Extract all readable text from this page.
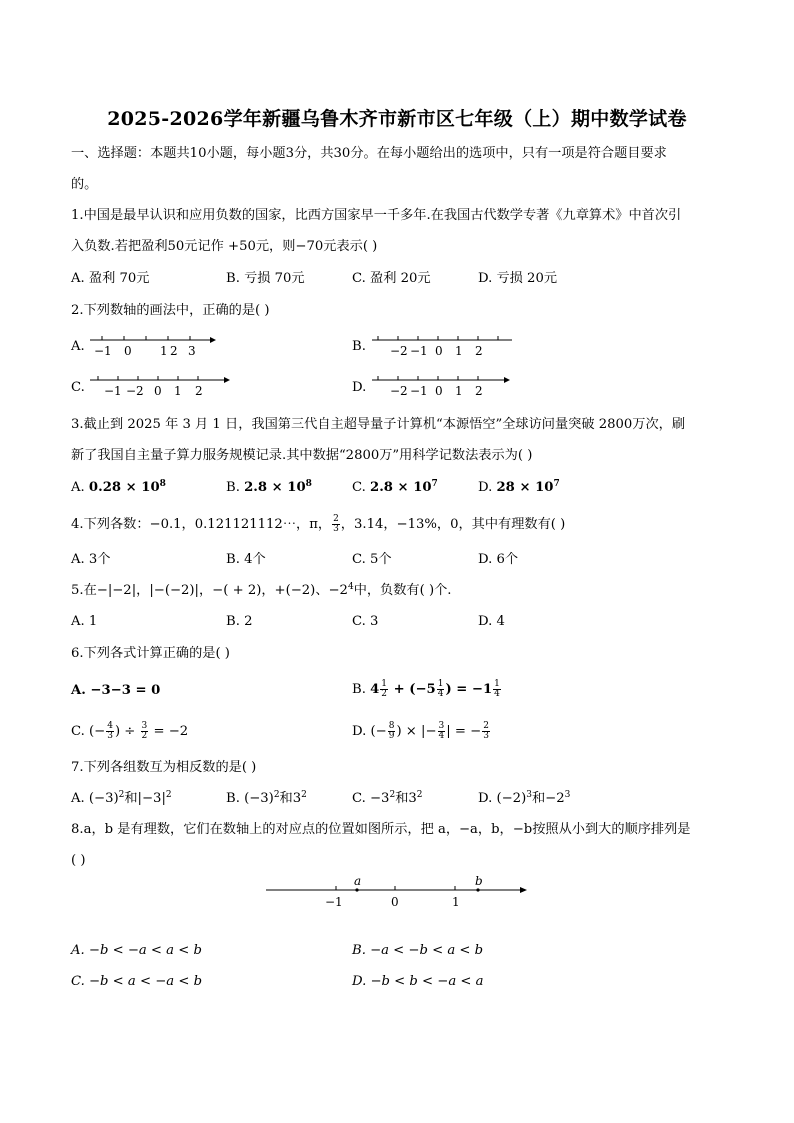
2025-2026学年新疆乌鲁木齐市新市区七年级（上）期中数学试卷
一、选择题：本题共10小题，每小题3分，共30分。在每小题给出的选项中，只有一项是符合题目要求
的。
1.中国是最早认识和应用负数的国家，比西方国家早一千多年.在我国古代数学专著《九章算术》中首次引
入负数.若把盈利50元记作 +50元，则−70元表示( )
A. 盈利 70元	B. 亏损 70元	C. 盈利 20元	D. 亏损 20元
2.下列数轴的画法中，正确的是( )
A. −1 0 1 2 3	B. −2 −1 0 1 2
C. −1 −2 0 1 2	D. −2 −1 0 1 2
3.截止到 2025 年 3 月 1 日，我国第三代自主超导量子计算机“本源悟空”全球访问量突破 2800万次，刷
新了我国自主量子算力服务规模记录.其中数据“2800万”用科学记数法表示为( )
A. $0.28 \times 10^8$	B. $2.8 \times 10^8$	C. $2.8 \times 10^7$	D. $28 \times 10^7$
4.下列各数：−0.1，0.121121112⋯，π， $\frac{2}{3}$ ，3.14，−13%，0，其中有理数有( )
A. 3个	B. 4个	C. 5个	D. 6个
5.在−|−2|，|−(−2)|，−( + 2)，+(−2)、$-2^4$中，负数有( )个.
A. 1	B. 2	C. 3	D. 4
6.下列各式计算正确的是( )
A. −3−3 = 0	B. $4 \frac{1}{2} + (-5 \frac{1}{4}$ ) = $-1 \frac{1}{4}$
C. (− $\frac{4}{3}$ ) ÷ $\frac{3}{2} = -2$	D. (− $\frac{8}{9}$ ) × |− $\frac{3}{4}$ | = − $\frac{2}{3}$
7.下列各组数互为相反数的是( )
A. $(-3)^2$和$|-3|^2$	B. $(-3)^2$和$3^2$	C. $-3^2$和$3^2$	D. $(-2)^3$和$-2^3$
8.a，b 是有理数，它们在数轴上的对应点的位置如图所示，把 a，−a，b，−b按照从小到大的顺序排列是
( )
a	b
−1	0	1
A. −b < −a < a < b	B. −a < −b < a < b
C. −b < a < −a < b	D. −b < b < −a < a
